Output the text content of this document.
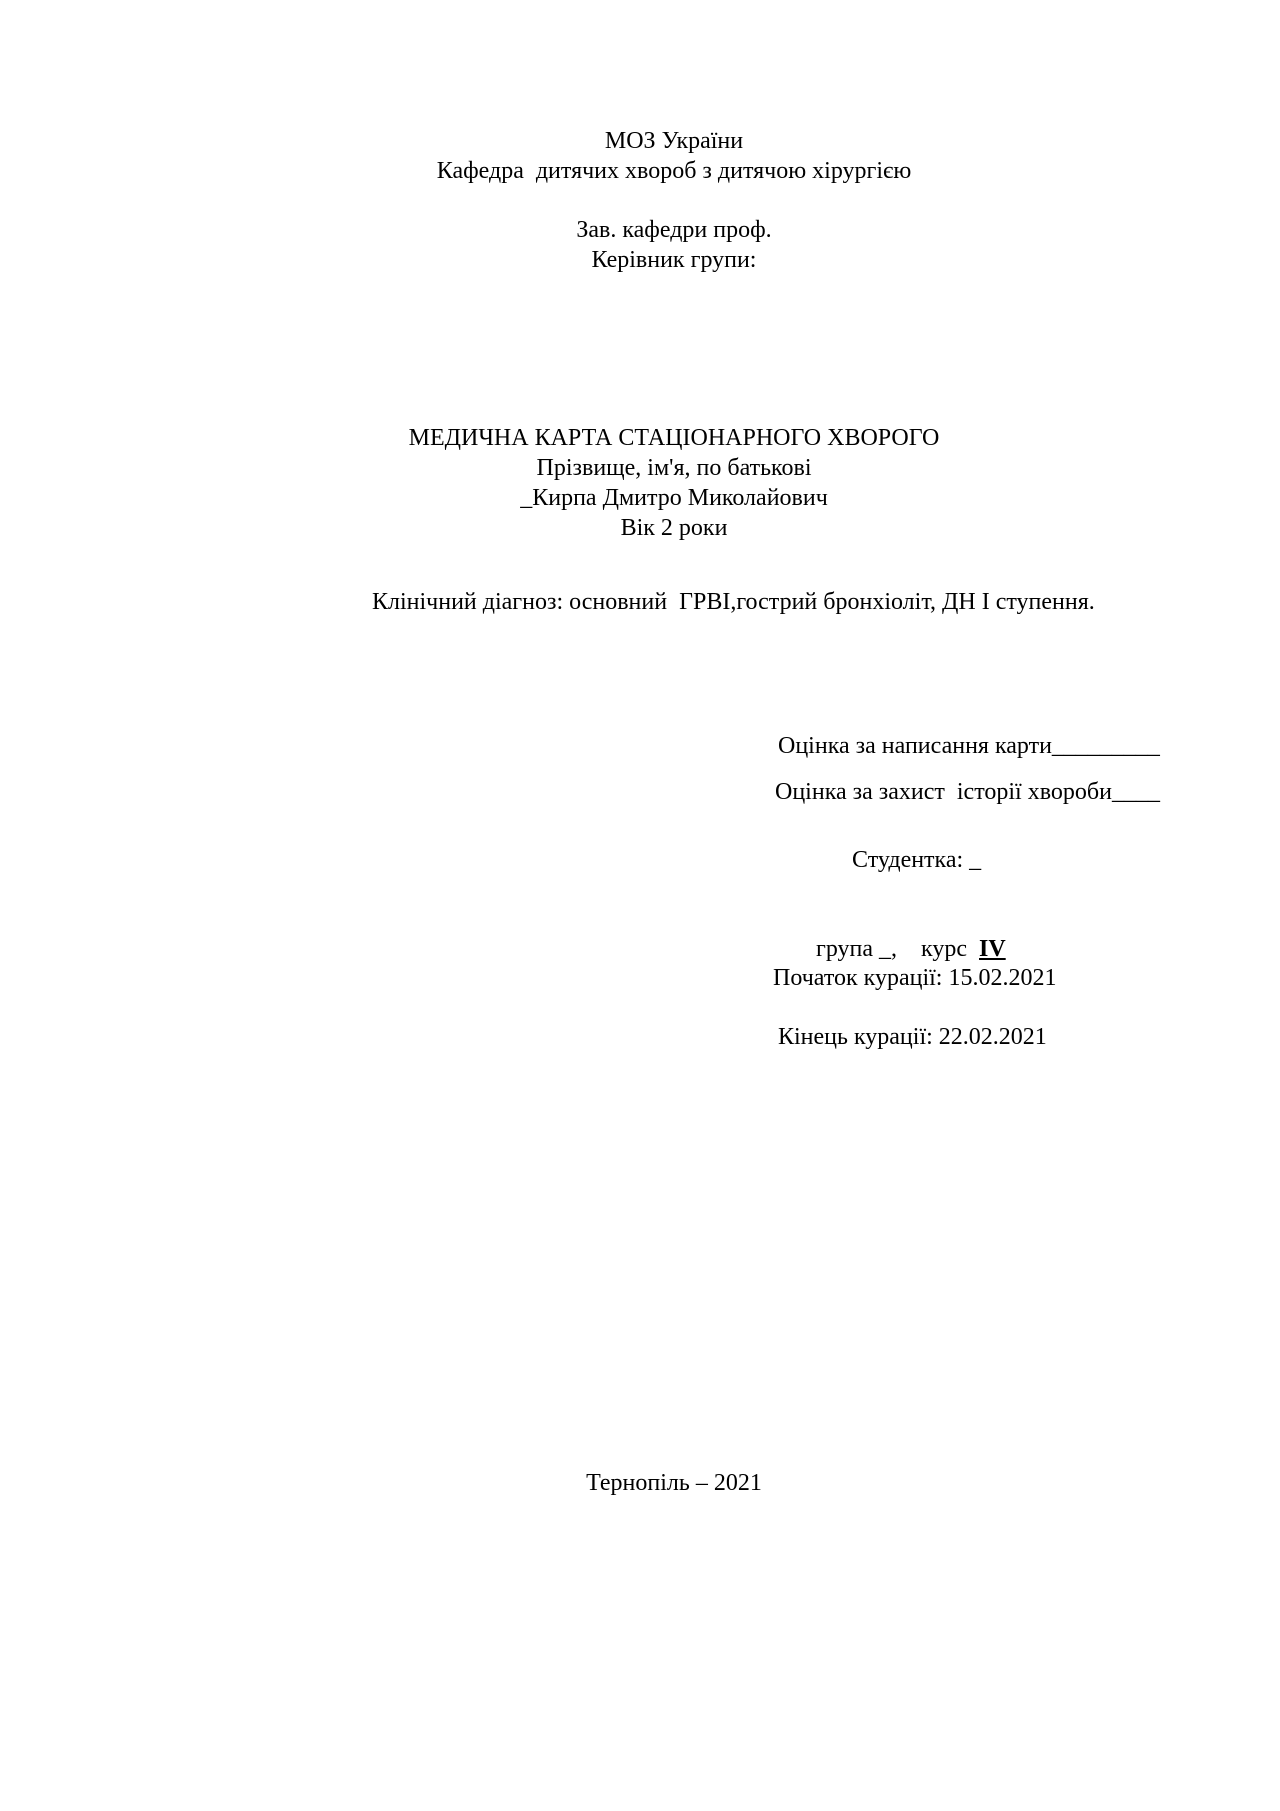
МОЗ України
Кафедра  дитячих хвороб з дитячою хірургією
Зав. кафедри проф.
Керівник групи:
МЕДИЧНА КАРТА СТАЦІОНАРНОГО ХВОРОГО
Прізвище, ім'я, по батькові
_Кирпа Дмитро Миколайович
Вік 2 роки
Клінічний діагноз: основний  ГРВІ,гострий бронхіоліт, ДН І ступення.
Оцінка за написання карти_________
Оцінка за захист  історії хвороби____
Студентка: _

група _, курс IV

Початок курації: 15.02.2021
Кінець курації: 22.02.2021
Тернопіль – 2021
